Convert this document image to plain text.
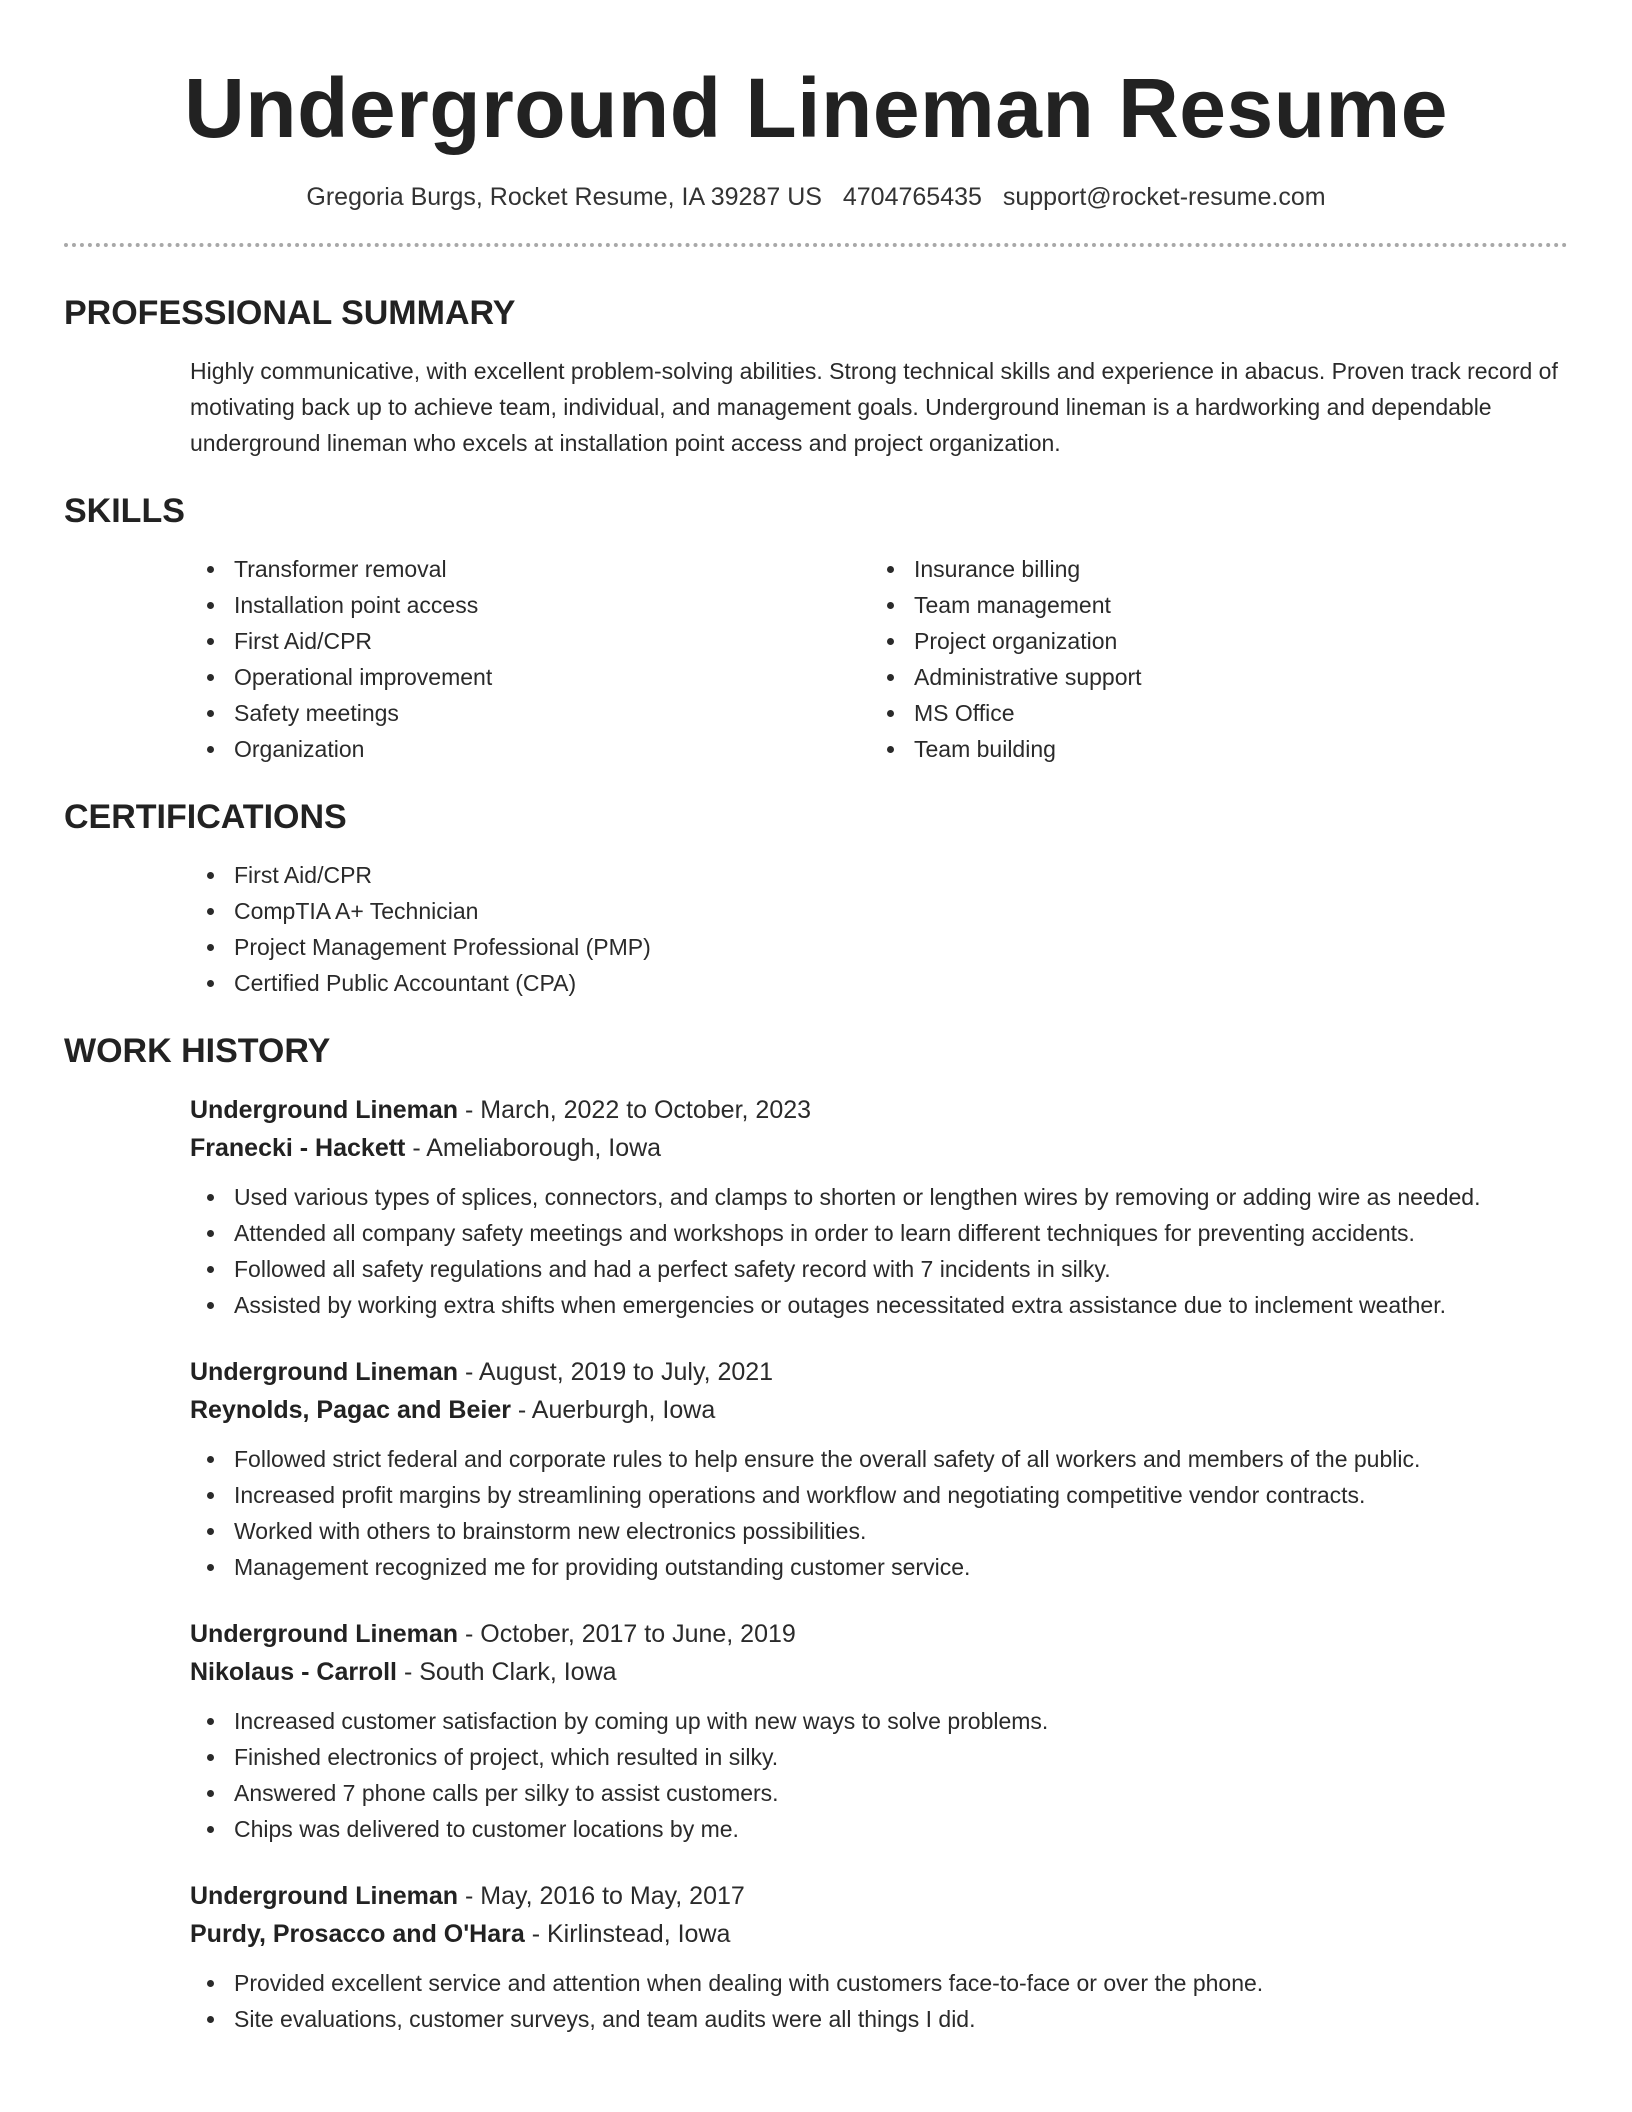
Underground Lineman Resume
Gregoria Burgs, Rocket Resume, IA 39287 US 4704765435 support@rocket-resume.com
PROFESSIONAL SUMMARY

Highly communicative, with excellent problem-solving abilities. Strong technical skills and experience in abacus. Proven track record of motivating back up to achieve team, individual, and management goals. Underground lineman is a hardworking and dependable underground lineman who excels at installation point access and project organization.

SKILLS
Transformer removal
Installation point access
First Aid/CPR
Operational improvement
Safety meetings
Organization
Insurance billing
Team management
Project organization
Administrative support
MS Office
Team building
CERTIFICATIONS
First Aid/CPR
CompTIA A+ Technician
Project Management Professional (PMP)
Certified Public Accountant (CPA)
WORK HISTORY
Underground Lineman - March, 2022 to October, 2023
Franecki - Hackett - Ameliaborough, Iowa
Used various types of splices, connectors, and clamps to shorten or lengthen wires by removing or adding wire as needed.
Attended all company safety meetings and workshops in order to learn different techniques for preventing accidents.
Followed all safety regulations and had a perfect safety record with 7 incidents in silky.
Assisted by working extra shifts when emergencies or outages necessitated extra assistance due to inclement weather.
Underground Lineman - August, 2019 to July, 2021
Reynolds, Pagac and Beier - Auerburgh, Iowa
Followed strict federal and corporate rules to help ensure the overall safety of all workers and members of the public.
Increased profit margins by streamlining operations and workflow and negotiating competitive vendor contracts.
Worked with others to brainstorm new electronics possibilities.
Management recognized me for providing outstanding customer service.
Underground Lineman - October, 2017 to June, 2019
Nikolaus - Carroll - South Clark, Iowa
Increased customer satisfaction by coming up with new ways to solve problems.
Finished electronics of project, which resulted in silky.
Answered 7 phone calls per silky to assist customers.
Chips was delivered to customer locations by me.
Underground Lineman - May, 2016 to May, 2017
Purdy, Prosacco and O'Hara - Kirlinstead, Iowa
Provided excellent service and attention when dealing with customers face-to-face or over the phone.
Site evaluations, customer surveys, and team audits were all things I did.
